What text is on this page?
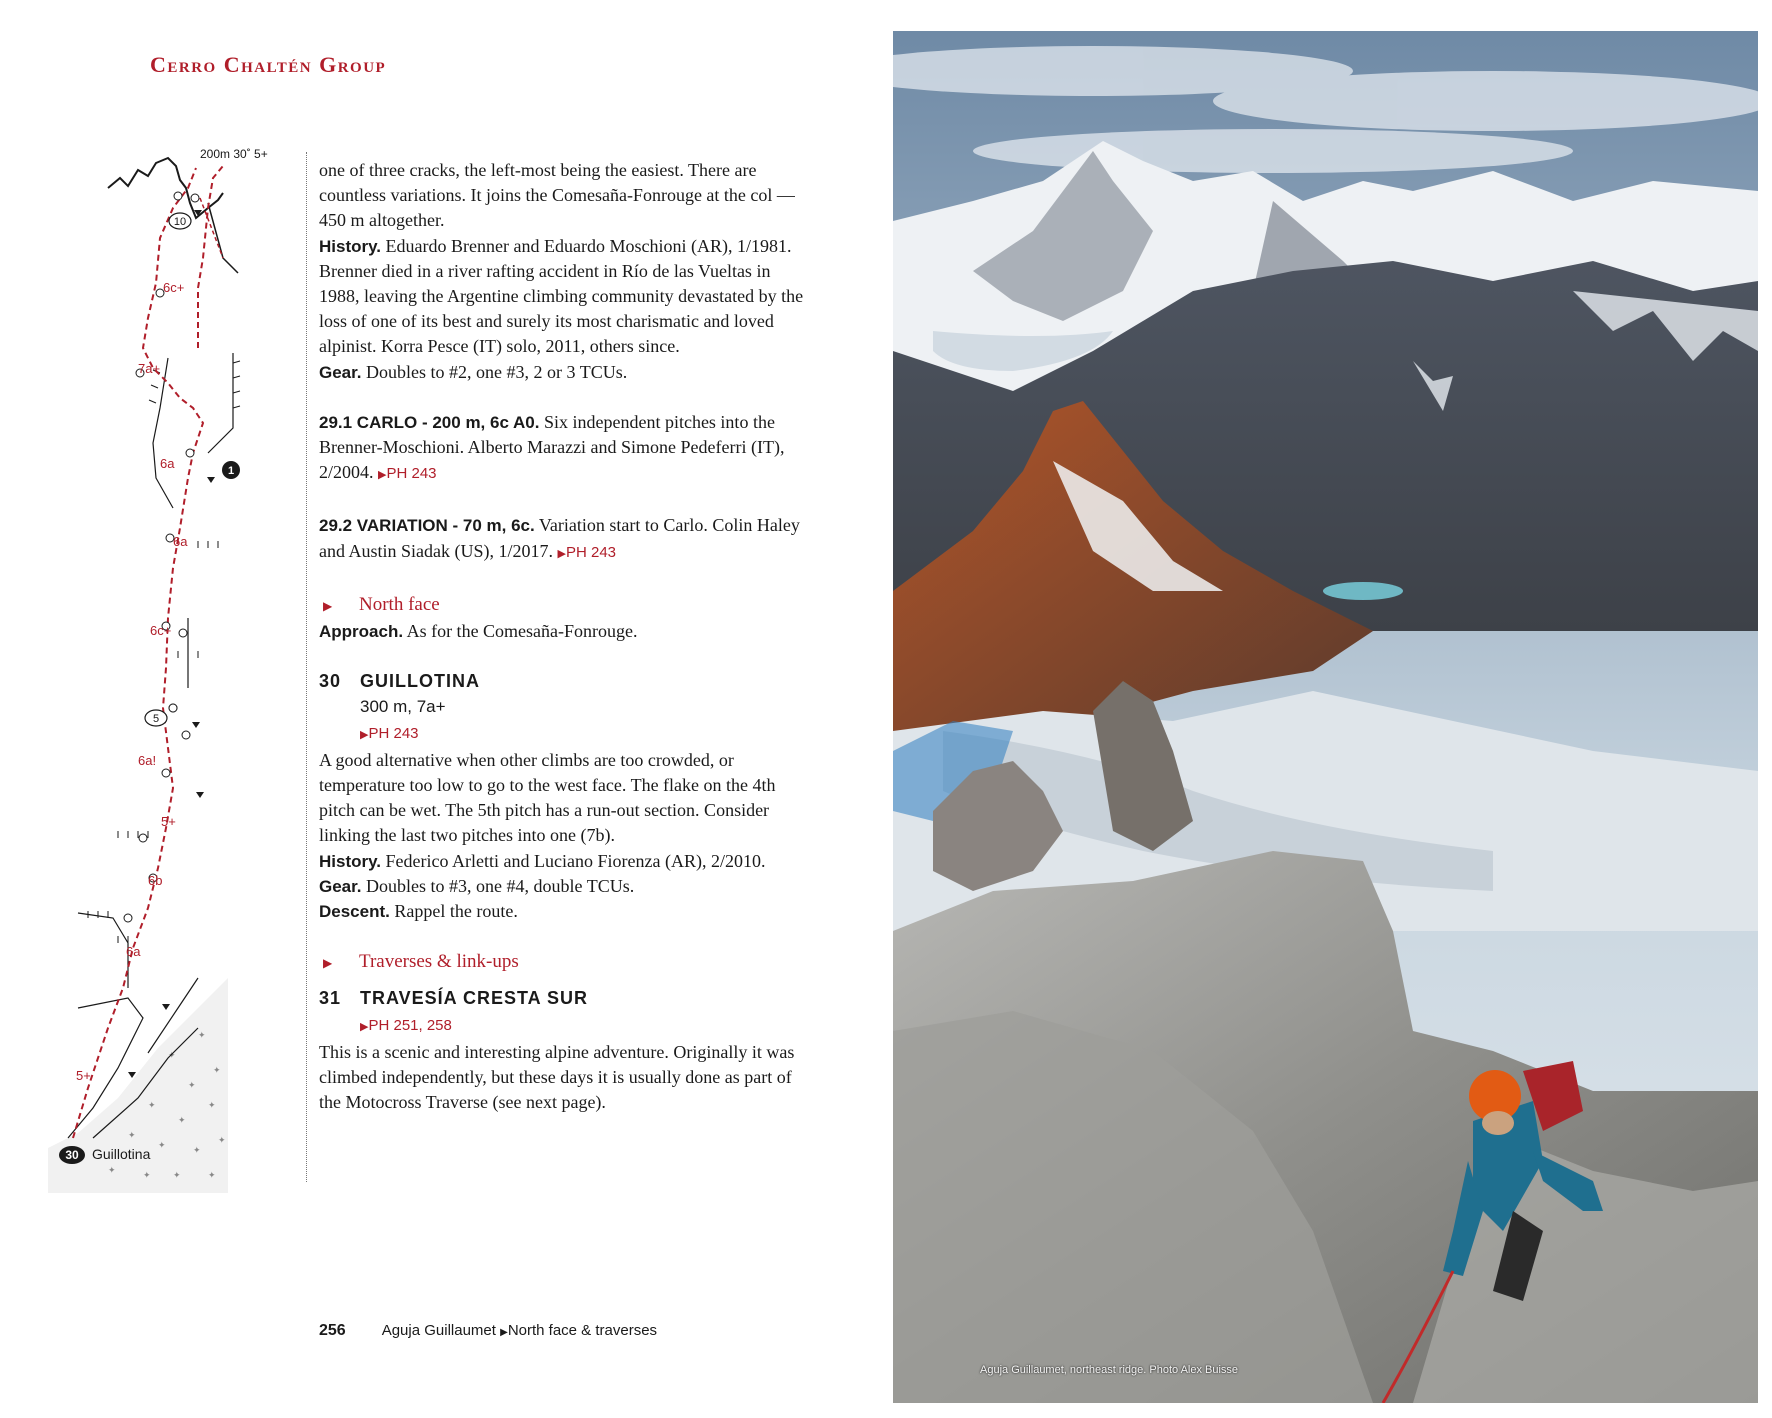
Cerro Chaltén Group
✦
✦
✦
✦
✦
✦
✦
✦
✦	✦
✦
✦	✦ ✦	✦
6c+
7a+
6a
6a
6c+
6a!
5+
6b
6a
5+
200m 30˚ 5+
10
1
5
30 Guillotina

one of three cracks, the left-most being the easiest. There are countless variations. It joins the Comesaña-Fonrouge at the col —450 m altogether.

History. Eduardo Brenner and Eduardo Moschioni (AR), 1/1981. Brenner died in a river rafting accident in Río de las Vueltas in 1988, leaving the Argentine climbing community devastated by the loss of one of its best and surely its most charismatic and loved alpinist. Korra Pesce (IT) solo, 2011, others since.

Gear. Doubles to #2, one #3, 2 or 3 TCUs.

29.1 CARLO - 200 m, 6c A0. Six independent pitches into the Brenner-Moschioni. Alberto Marazzi and Simone Pedeferri (IT), 2/2004. ▶PH 243

29.2 VARIATION - 70 m, 6c. Variation start to Carlo. Colin Haley and Austin Siadak (US), 1/2017. ▶PH 243

▶ North face

Approach. As for the Comesaña-Fonrouge.

30 GUILLOTINA

300 m, 7a+

▶PH 243

A good alternative when other climbs are too crowded, or temperature too low to go to the west face. The flake on the 4th pitch can be wet. The 5th pitch has a run-out section. Consider linking the last two pitches into one (7b).

History. Federico Arletti and Luciano Fiorenza (AR), 2/2010.

Gear. Doubles to #3, one #4, double TCUs.

Descent. Rappel the route.

▶ Traverses & link-ups

31 TRAVESÍA CRESTA SUR

▶PH 251, 258

This is a scenic and interesting alpine adventure. Originally it was climbed independently, but these days it is usually done as part of the Motocross Traverse (see next page).

256 Aguja Guillaumet ▶North face & traverses
Aguja Guillaumet, northeast ridge. Photo Alex Buisse
